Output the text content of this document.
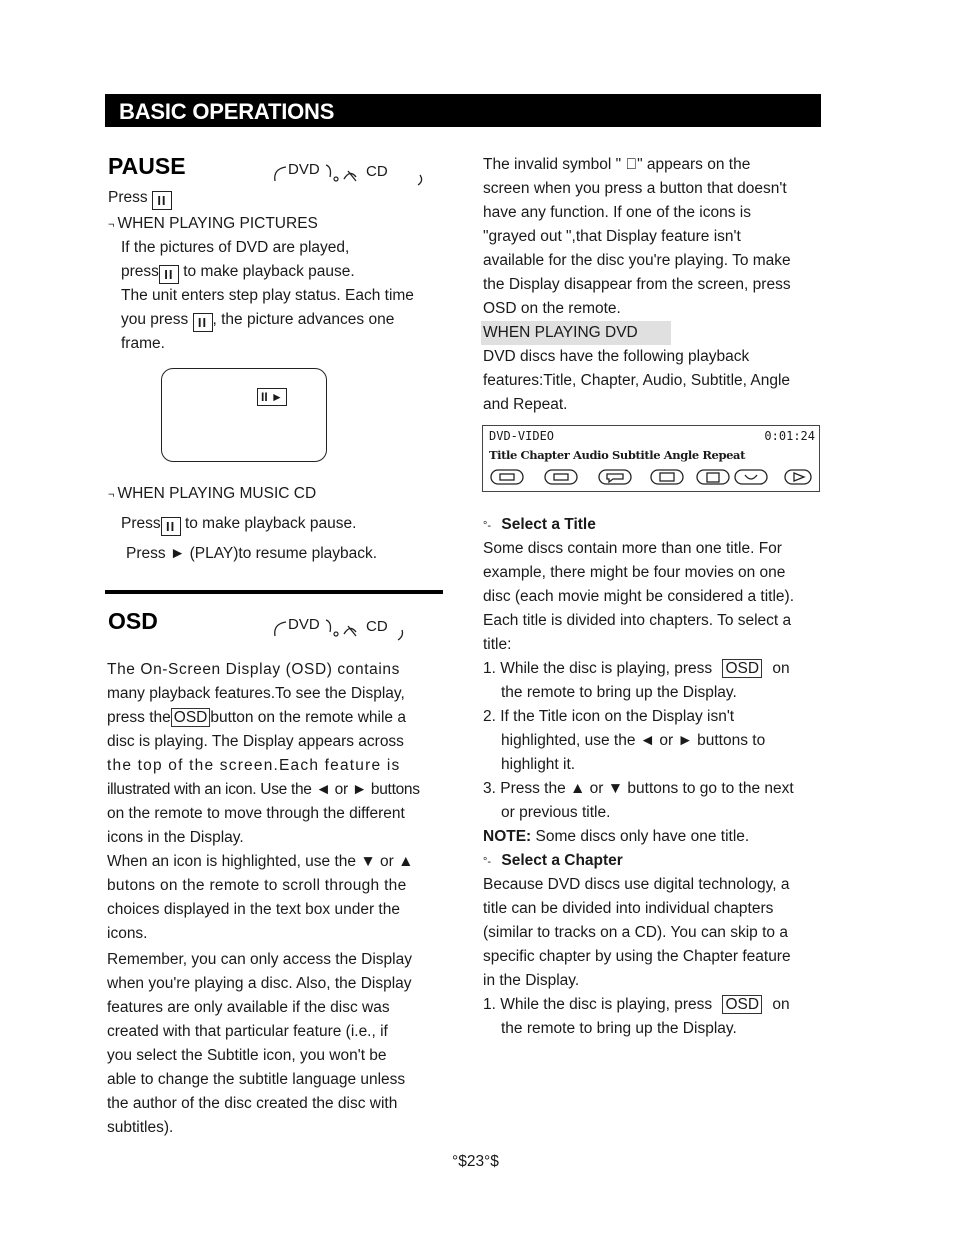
BASIC OPERATIONS
PAUSE	DVD	CD
Press II
¬ WHEN PLAYING PICTURES
If the pictures of DVD are played,
press II to make playback pause.
The unit enters step play status. Each time
you press II , the picture advances one
frame.
II ►
¬ WHEN PLAYING MUSIC CD
Press II to make playback pause.
Press ► (PLAY)to resume playback.
OSD	DVD	CD
The On-Screen Display (OSD) contains
many playback features.To see the Display,
press the OSD button on the remote while a
disc is playing. The Display appears across
the top of the screen.Each feature is
illustrated with an icon. Use the ◄ or ► buttons
on the remote to move through the different
icons in the Display.
When an icon is highlighted, use the ▼ or ▲
butons on the remote to scroll through the
choices displayed in the text box under the
icons.
Remember, you can only access the Display
when you're playing a disc. Also, the Display
features are only available if the disc was
created with that particular feature (i.e., if
you select the Subtitle icon, you won't be
able to change the subtitle language unless
the author of the disc created the disc with
subtitles).
The invalid symbol " ⃠" appears on the
screen when you press a button that doesn't
have any function. If one of the icons is
"grayed out ",that Display feature isn't
available for the disc you're playing. To make
the Display disappear from the screen, press
OSD on the remote.
WHEN PLAYING DVD
DVD discs have the following playback
features:Title, Chapter, Audio, Subtitle, Angle
and Repeat.
DVD-VIDEO	0:01:24
Title Chapter Audio Subtitle Angle Repeat
°- Select a Title
Some discs contain more than one title. For
example, there might be four movies on one
disc (each movie might be considered a title).
Each title is divided into chapters. To select a
title:
1. While the disc is playing, press OSD on
the remote to bring up the Display.
2. If the Title icon on the Display isn't
highlighted, use the ◄ or ► buttons to
highlight it.
3. Press the ▲ or ▼ buttons to go to the next
or previous title.
NOTE: Some discs only have one title.
°- Select a Chapter
Because DVD discs use digital technology, a
title can be divided into individual chapters
(similar to tracks on a CD). You can skip to a
specific chapter by using the Chapter feature
in the Display.
1. While the disc is playing, press OSD on
the remote to bring up the Display.
°$23°$
